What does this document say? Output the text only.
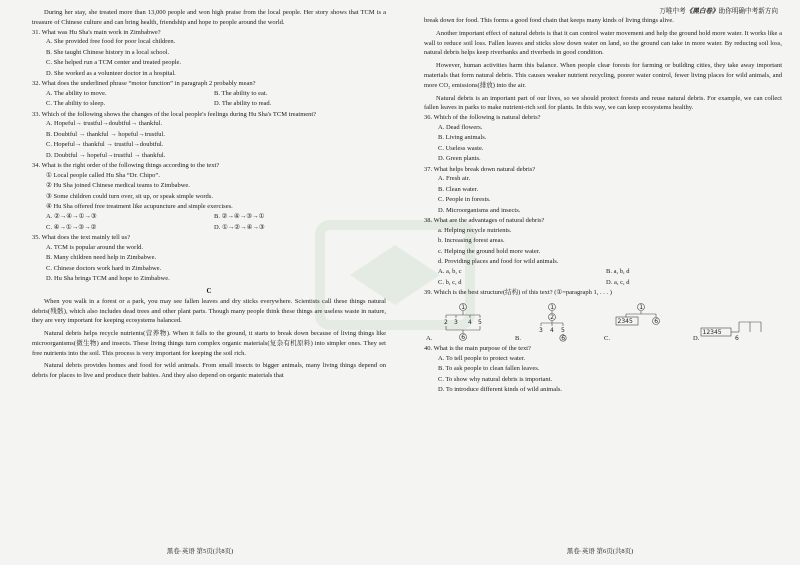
During her stay, she treated more than 13,000 people and won high praise from the local people. Her story shows that TCM is a treasure of Chinese culture and can bring health, friendship and hope to people around the world.

31. What was Hu Sha's main work in Zimbabwe?

A. She provided free food for poor local children.

B. She taught Chinese history in a local school.

C. She helped run a TCM center and treated people.

D. She worked as a volunteer doctor in a hospital.

32. What does the underlined phrase “motor function” in paragraph 2 probably mean?

A. The ability to move.	B. The ability to eat.
C. The ability to sleep.	D. The ability to read.

33. Which of the following shows the changes of the local people's feelings during Hu Sha's TCM treatment?

A. Hopeful→ trustful→doubtful→ thankful.

B. Doubtful → thankful → hopeful→trustful.

C. Hopeful→ thankful → trustful→doubtful.

D. Doubtful → hopeful→trustful → thankful.

34. What is the right order of the following things according to the text?

① Local people called Hu Sha “Dr. Chipo”.

② Hu Sha joined Chinese medical teams to Zimbabwe.

③ Some children could turn over, sit up, or speak simple words.

④ Hu Sha offered free treatment like acupuncture and simple exercises.

A. ②→④→①→③	B. ②→④→③→①
C. ④→①→③→②	D. ①→②→④→③

35. What does the text mainly tell us?

A. TCM is popular around the world.

B. Many children need help in Zimbabwe.

C. Chinese doctors work hard in Zimbabwe.

D. Hu Sha brings TCM and hope to Zimbabwe.

C

When you walk in a forest or a park, you may see fallen leaves and dry sticks everywhere. Scientists call these things natural debris(残骸), which also includes dead trees and other plant parts. Though many people think these things are useless waste in nature, they are very important for keeping ecosystems balanced.

Natural debris helps recycle nutrients(营养物). When it falls to the ground, it starts to break down because of living things like microorganisms(微生物) and insects. These living things turn complex organic materials(复杂有机原料) into simpler ones. They set free nutrients into the soil. This process is very important for keeping the soil rich.

Natural debris provides homes and food for wild animals. From small insects to bigger animals, many living things depend on debris for places to live and produce their babies. And they also depend on organic materials that

黑卷·英语 第5页(共8页)
万唯中考《黑白卷》助你明确中考新方向

break down for food. This forms a good food chain that keeps many kinds of living things alive.

Another important effect of natural debris is that it can control water movement and help the ground hold more water. It works like a wall to reduce soil loss. Fallen leaves and sticks slow down water on land, so the ground can take in more water. By reducing soil loss, natural debris helps keep riverbanks and riverbeds in good condition.

However, human activities harm this balance. When people clear forests for farming or building cities, they take away important materials that form natural debris. This causes weaker nutrient recycling, poorer water control, fewer living places for wild animals, and more CO₂ emissions(排放) into the air.

Natural debris is an important part of our lives, so we should protect forests and reuse natural debris. For example, we can collect fallen leaves in parks to make nutrient-rich soil for plants. In this way, we can keep ecosystems healthy.

36. Which of the following is natural debris?

A. Dead flowers.

B. Living animals.

C. Useless waste.

D. Green plants.

37. What helps break down natural debris?

A. Fresh air.

B. Clean water.

C. People in forests.

D. Microorganisms and insects.

38. What are the advantages of natural debris?

a. Helping recycle nutrients.

b. Increasing forest areas.

c. Helping the ground hold more water.

d. Providing places and food for wild animals.

A. a, b, c	B. a, b, d
C. b, c, d	D. a, c, d

39. Which is the best structure(结构) of this text? (①=paragraph 1, . . . )

A.
1
2 3 4 5
6	B.
1
2
3 4 5
6	C.
1
2345	6
D.
12345
6

40. What is the main purpose of the text?

A. To tell people to protect water.

B. To ask people to clean fallen leaves.

C. To show why natural debris is important.

D. To introduce different kinds of wild animals.

黑卷·英语 第6页(共8页)
